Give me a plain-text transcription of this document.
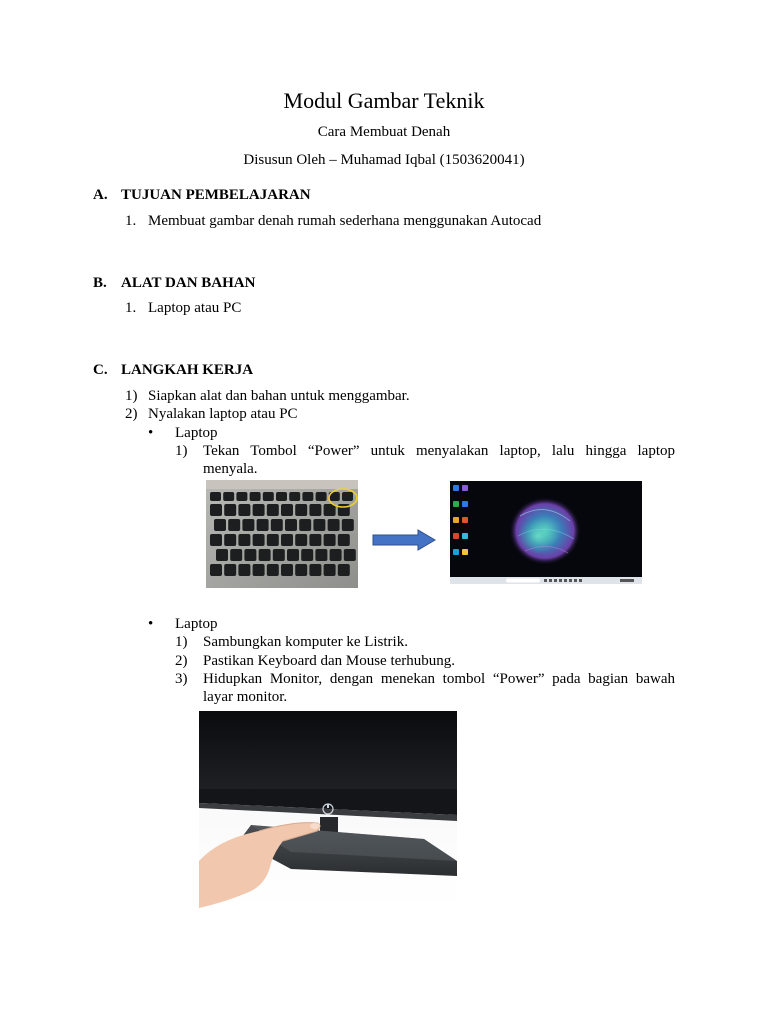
Modul Gambar Teknik
Cara Membuat Denah
Disusun Oleh – Muhamad Iqbal (1503620041)
A. TUJUAN PEMBELAJARAN
1. Membuat gambar denah rumah sederhana menggunakan Autocad
B. ALAT DAN BAHAN
1. Laptop atau PC
C. LANGKAH KERJA
1) Siapkan alat dan bahan untuk menggambar.
2) Nyalakan laptop atau PC
• Laptop
1) Tekan Tombol “Power” untuk menyalakan laptop, lalu hingga laptop
menyala.
• Laptop
1) Sambungkan komputer ke Listrik.
2) Pastikan Keyboard dan Mouse terhubung.
3) Hidupkan Monitor, dengan menekan tombol “Power” pada bagian bawah
layar monitor.
